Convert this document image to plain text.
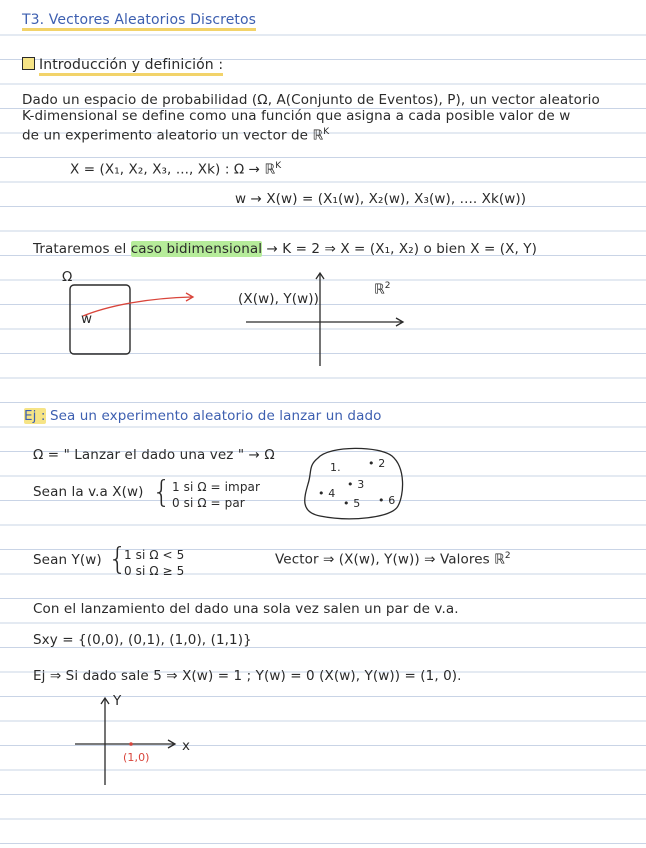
T3. Vectores Aleatorios Discretos
Introducción y definición :
Dado un espacio de probabilidad (Ω, A(Conjunto de Eventos), P), un vector aleatorio
K-dimensional se define como una función que asigna a cada posible valor de w
de un experimento aleatorio un vector de ℝ$^K$
X = (X₁, X₂, X₃, ..., Xk) : Ω → ℝ$^K$
w → X(w) = (X₁(w), X₂(w), X₃(w), .... Xk(w))
Trataremos el caso bidimensional → K = 2 ⇒ X = (X₁, X₂) o bien X = (X, Y)
Ω
w
ℝ$^2$
(X(w), Y(w))
Ej : Sea un experimento aleatorio de lanzar un dado
Ω = " Lanzar el dado una vez " → Ω
1. • 2
• 3
• 4
• 5 • 6
Sean la v.a X(w) { 1 si Ω = impar
0 si Ω = par
Sean Y(w) {
1 si Ω < 5
0 si Ω ≥ 5
Vector ⇒ (X(w), Y(w)) ⇒ Valores ℝ$^2$
Con el lanzamiento del dado una sola vez salen un par de v.a.
Sxy = {(0,0), (0,1), (1,0), (1,1)}
Ej ⇒ Si dado sale 5 ⇒ X(w) = 1 ; Y(w) = 0 (X(w), Y(w)) = (1, 0).
Y
x
(1,0)
